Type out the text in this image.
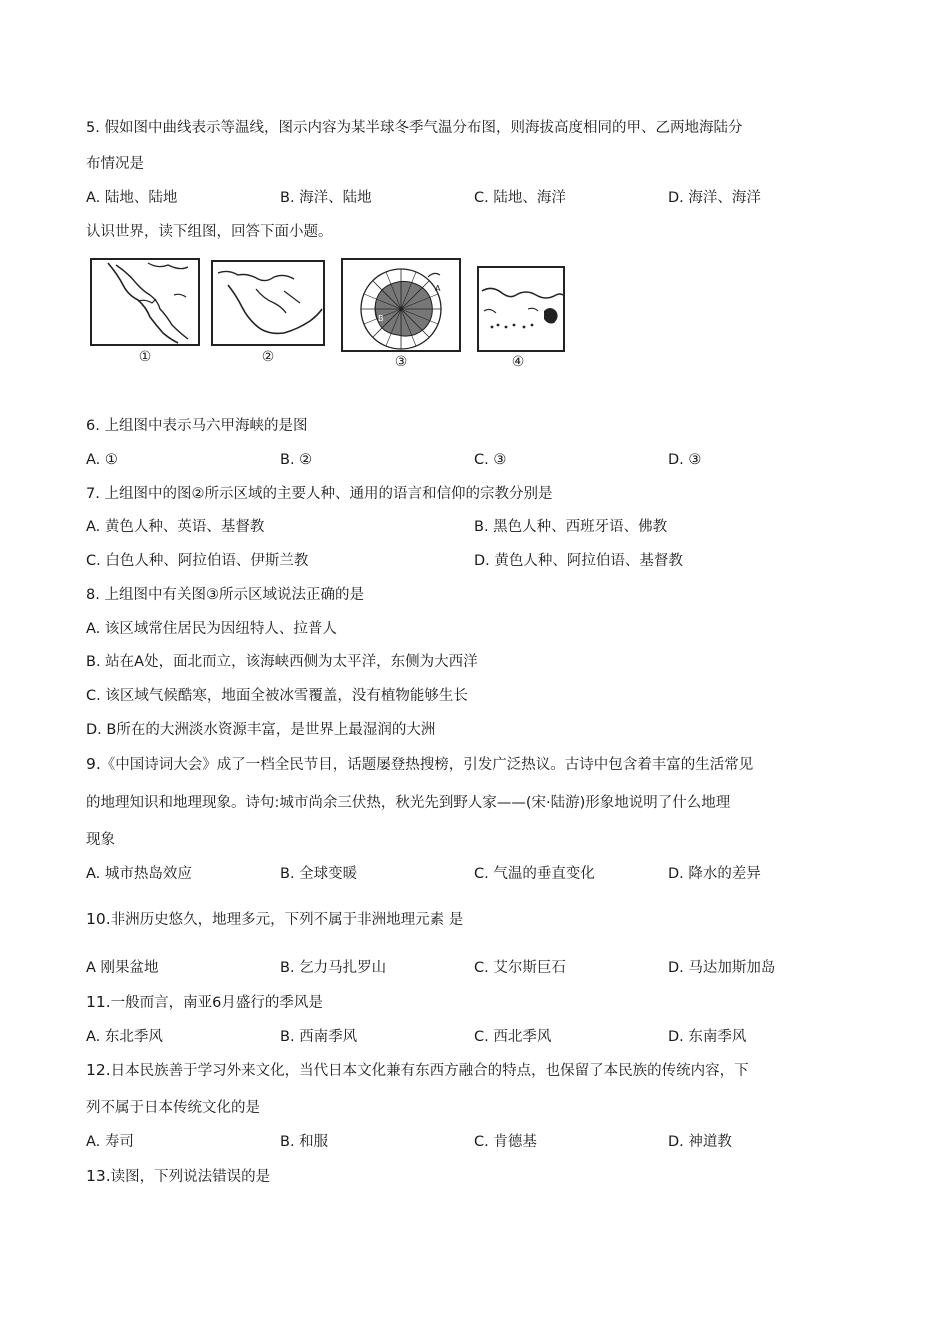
5. 假如图中曲线表示等温线，图示内容为某半球冬季气温分布图，则海拔高度相同的甲、乙两地海陆分
布情况是
A. 陆地、陆地	B. 海洋、陆地	C. 陆地、海洋	D. 海洋、海洋
认识世界，读下组图，回答下面小题。
①	②
A
B
③	④
6. 上组图中表示马六甲海峡的是图
A. ①	B. ②	C. ③	D. ③
7. 上组图中的图②所示区域的主要人种、通用的语言和信仰的宗教分别是
A. 黄色人种、英语、基督教	B. 黑色人种、西班牙语、佛教
C. 白色人种、阿拉伯语、伊斯兰教	D. 黄色人种、阿拉伯语、基督教
8. 上组图中有关图③所示区域说法正确的是
A. 该区域常住居民为因纽特人、拉普人
B. 站在A处，面北而立，该海峡西侧为太平洋，东侧为大西洋
C. 该区域气候酷寒，地面全被冰雪覆盖，没有植物能够生长
D. B所在的大洲淡水资源丰富，是世界上最湿润的大洲
9.《中国诗词大会》成了一档全民节目，话题屡登热搜榜，引发广泛热议。古诗中包含着丰富的生活常见
的地理知识和地理现象。诗句:城市尚余三伏热，秋光先到野人家——(宋·陆游)形象地说明了什么地理
现象
A. 城市热岛效应	B. 全球变暖	C. 气温的垂直变化	D. 降水的差异
10.非洲历史悠久，地理多元，下列不属于非洲地理元素 是
A 刚果盆地	B. 乞力马扎罗山	C. 艾尔斯巨石	D. 马达加斯加岛
11.一般而言，南亚6月盛行的季风是
A. 东北季风	B. 西南季风	C. 西北季风	D. 东南季风
12.日本民族善于学习外来文化，当代日本文化兼有东西方融合的特点，也保留了本民族的传统内容，下
列不属于日本传统文化的是
A. 寿司	B. 和服	C. 肯德基	D. 神道教
13.读图，下列说法错误的是
